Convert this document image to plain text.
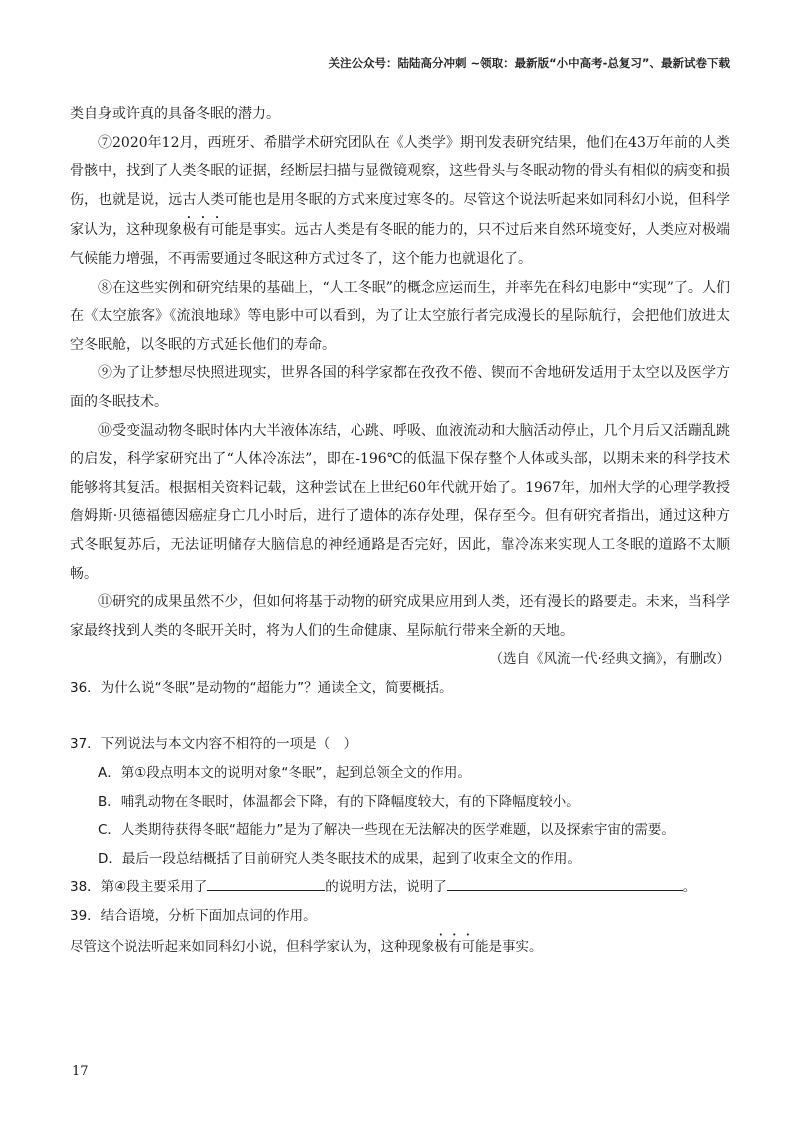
关注公众号：陆陆高分冲刺 ~领取：最新版“小中高考-总复习”、最新试卷下载

类自身或许真的具备冬眠的潜力。

⑦2020年12月，西班牙、希腊学术研究团队在《人类学》期刊发表研究结果，他们在43万年前的人类骨骸中，找到了人类冬眠的证据，经断层扫描与显微镜观察，这些骨头与冬眠动物的骨头有相似的病变和损伤，也就是说，远古人类可能也是用冬眠的方式来度过寒冬的。尽管这个说法听起来如同科幻小说，但科学家认为，这种现象极有可能是事实。远古人类是有冬眠的能力的，只不过后来自然环境变好，人类应对极端气候能力增强，不再需要通过冬眠这种方式过冬了，这个能力也就退化了。

⑧在这些实例和研究结果的基础上，“人工冬眠”的概念应运而生，并率先在科幻电影中“实现”了。人们在《太空旅客》《流浪地球》等电影中可以看到，为了让太空旅行者完成漫长的星际航行，会把他们放进太空冬眠舱，以冬眠的方式延长他们的寿命。

⑨为了让梦想尽快照进现实，世界各国的科学家都在孜孜不倦、锲而不舍地研发适用于太空以及医学方面的冬眠技术。

⑩受变温动物冬眠时体内大半液体冻结，心跳、呼吸、血液流动和大脑活动停止，几个月后又活蹦乱跳的启发，科学家研究出了“人体冷冻法”，即在-196℃的低温下保存整个人体或头部，以期未来的科学技术能够将其复活。根据相关资料记载，这种尝试在上世纪60年代就开始了。1967年，加州大学的心理学教授詹姆斯·贝德福德因癌症身亡几小时后，进行了遗体的冻存处理，保存至今。但有研究者指出，通过这种方式冬眠复苏后，无法证明储存大脑信息的神经通路是否完好，因此，靠冷冻来实现人工冬眠的道路不太顺畅。

⑪研究的成果虽然不少，但如何将基于动物的研究成果应用到人类，还有漫长的路要走。未来，当科学家最终找到人类的冬眠开关时，将为人们的生命健康、星际航行带来全新的天地。

（选自《风流一代·经典文摘》，有删改）

36．为什么说“冬眠”是动物的“超能力”？通读全文，简要概括。

37．下列说法与本文内容不相符的一项是（　）

A．第①段点明本文的说明对象“冬眠”，起到总领全文的作用。

B．哺乳动物在冬眠时，体温都会下降，有的下降幅度较大，有的下降幅度较小。

C．人类期待获得冬眠“超能力”是为了解决一些现在无法解决的医学难题，以及探索宇宙的需要。

D．最后一段总结概括了目前研究人类冬眠技术的成果，起到了收束全文的作用。

38．第④段主要采用了	的说明方法，说明了	。

39．结合语境，分析下面加点词的作用。

尽管这个说法听起来如同科幻小说，但科学家认为，这种现象极有可能是事实。

17
